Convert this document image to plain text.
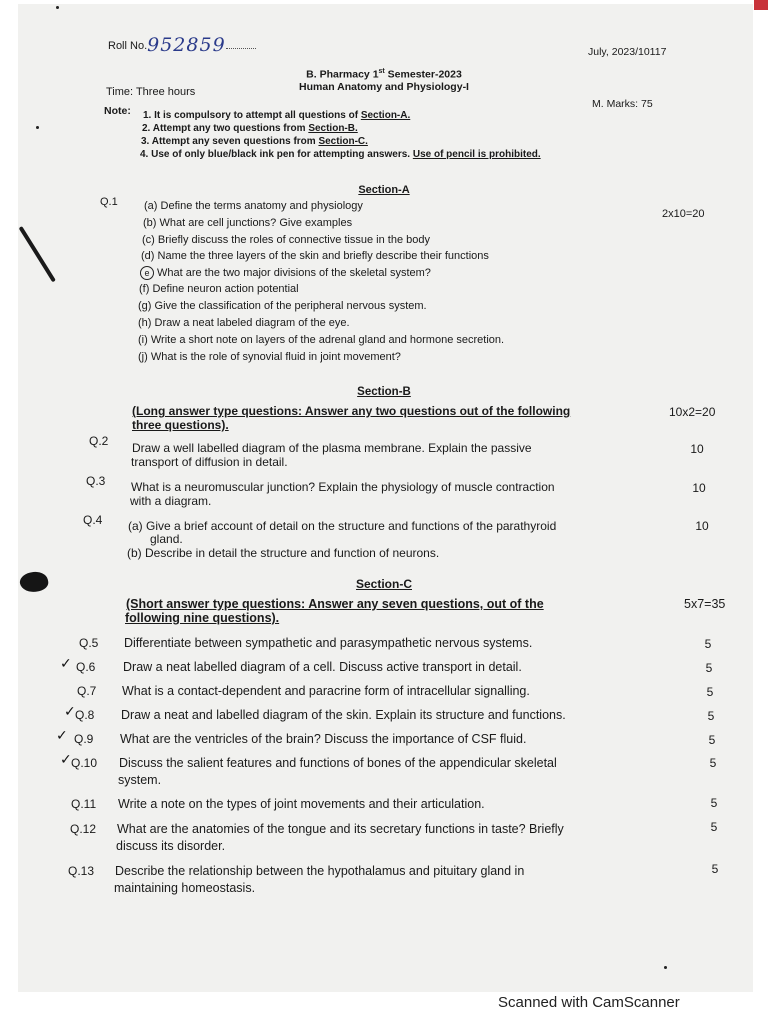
Roll No.952859	July, 2023/10117
B. Pharmacy 1st Semester-2023
Human Anatomy and Physiology-I
Time: Three hours
M. Marks: 75
Note: 1. It is compulsory to attempt all questions of Section-A.
2. Attempt any two questions from Section-B.
3. Attempt any seven questions from Section-C.
4. Use of only blue/black ink pen for attempting answers. Use of pencil is prohibited.
Section-A
Q.1
2x10=20
(a) Define the terms anatomy and physiology
(b) What are cell junctions? Give examples
(c) Briefly discuss the roles of connective tissue in the body
(d) Name the three layers of the skin and briefly describe their functions
e What are the two major divisions of the skeletal system?
(f) Define neuron action potential
(g) Give the classification of the peripheral nervous system.
(h) Draw a neat labeled diagram of the eye.
(i) Write a short note on layers of the adrenal gland and hormone secretion.
(j) What is the role of synovial fluid in joint movement?
Section-B
(Long answer type questions: Answer any two questions out of the following
three questions).
10x2=20
Q.2 Draw a well labelled diagram of the plasma membrane. Explain the passive
transport of diffusion in detail.
10
Q.3 What is a neuromuscular junction? Explain the physiology of muscle contraction
with a diagram.
10
Q.4 (a) Give a brief account of detail on the structure and functions of the parathyroid
gland.
(b) Describe in detail the structure and function of neurons.
10
Section-C
(Short answer type questions: Answer any seven questions, out of the
following nine questions).
5x7=35
Q.5 Differentiate between sympathetic and parasympathetic nervous systems.	5
Q.6 Draw a neat labelled diagram of a cell. Discuss active transport in detail.	5
Q.7 What is a contact-dependent and paracrine form of intracellular signalling.	5
Q.8 Draw a neat and labelled diagram of the skin. Explain its structure and functions.	5
Q.9 What are the ventricles of the brain? Discuss the importance of CSF fluid.	5
Q.10 Discuss the salient features and functions of bones of the appendicular skeletal
system.
5
Q.11 Write a note on the types of joint movements and their articulation.	5
Q.12 What are the anatomies of the tongue and its secretary functions in taste? Briefly
discuss its disorder.
5
Q.13 Describe the relationship between the hypothalamus and pituitary gland in
maintaining homeostasis.
5
✓
✓
✓
✓
Scanned with CamScanner
